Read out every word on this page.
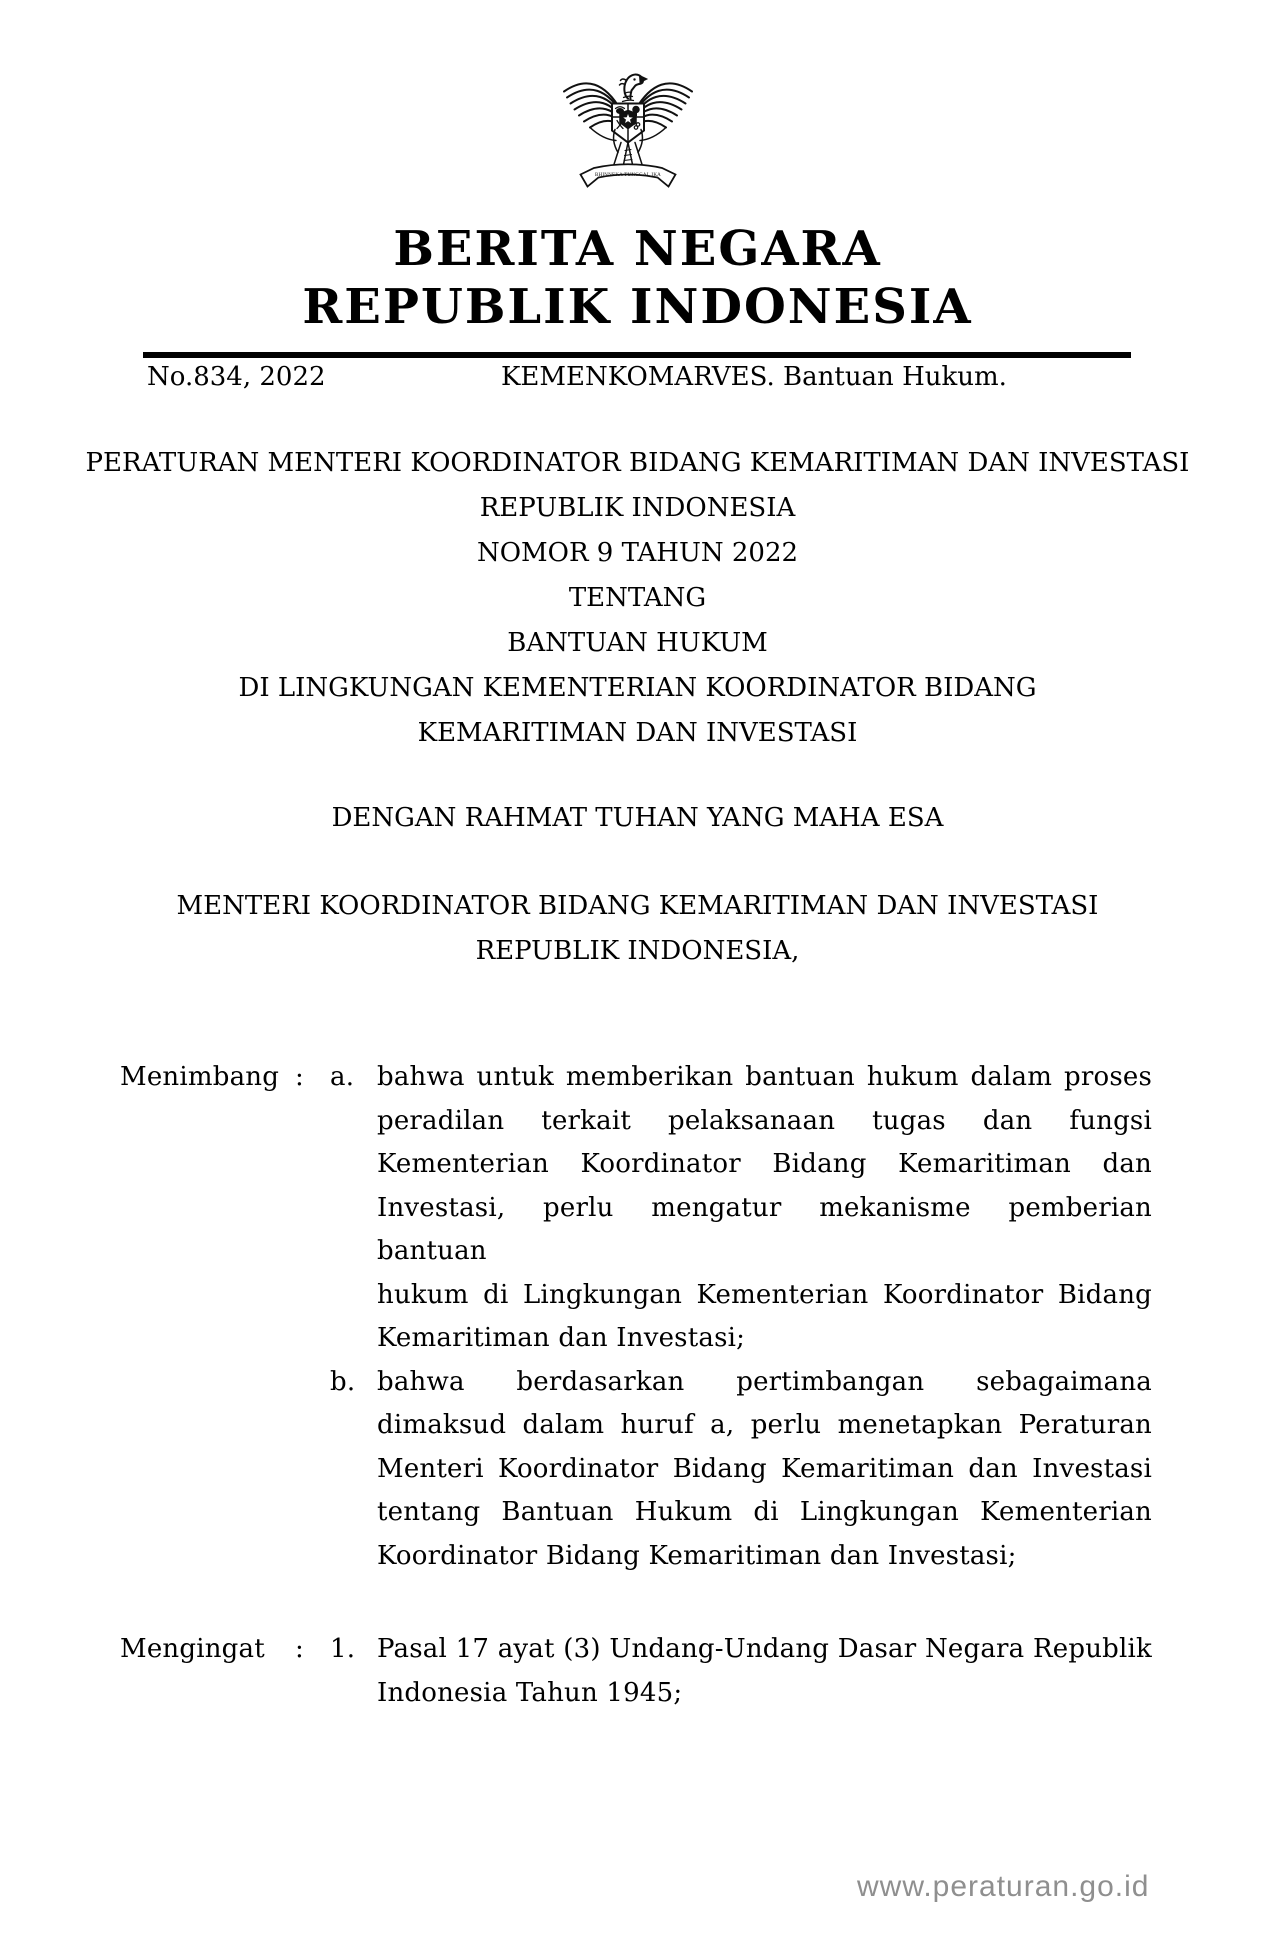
BHINNEKA TUNGGAL IKA
BERITA NEGARA
REPUBLIK INDONESIA
No.834, 2022	KEMENKOMARVES. Bantuan Hukum.
PERATURAN MENTERI KOORDINATOR BIDANG KEMARITIMAN DAN INVESTASI
REPUBLIK INDONESIA
NOMOR 9 TAHUN 2022
TENTANG
BANTUAN HUKUM
DI LINGKUNGAN KEMENTERIAN KOORDINATOR BIDANG
KEMARITIMAN DAN INVESTASI
DENGAN RAHMAT TUHAN YANG MAHA ESA
MENTERI KOORDINATOR BIDANG KEMARITIMAN DAN INVESTASI
REPUBLIK INDONESIA,
Menimbang :	a. bahwa untuk memberikan bantuan hukum dalam proses
peradilan terkait pelaksanaan tugas dan fungsi
Kementerian Koordinator Bidang Kemaritiman dan
Investasi, perlu mengatur mekanisme pemberian bantuan
hukum di Lingkungan Kementerian Koordinator Bidang
Kemaritiman dan Investasi;
b. bahwa berdasarkan pertimbangan sebagaimana
dimaksud dalam huruf a, perlu menetapkan Peraturan
Menteri Koordinator Bidang Kemaritiman dan Investasi
tentang Bantuan Hukum di Lingkungan Kementerian
Koordinator Bidang Kemaritiman dan Investasi;
Mengingat	:	1. Pasal 17 ayat (3) Undang-Undang Dasar Negara Republik
Indonesia Tahun 1945;
www.peraturan.go.id
